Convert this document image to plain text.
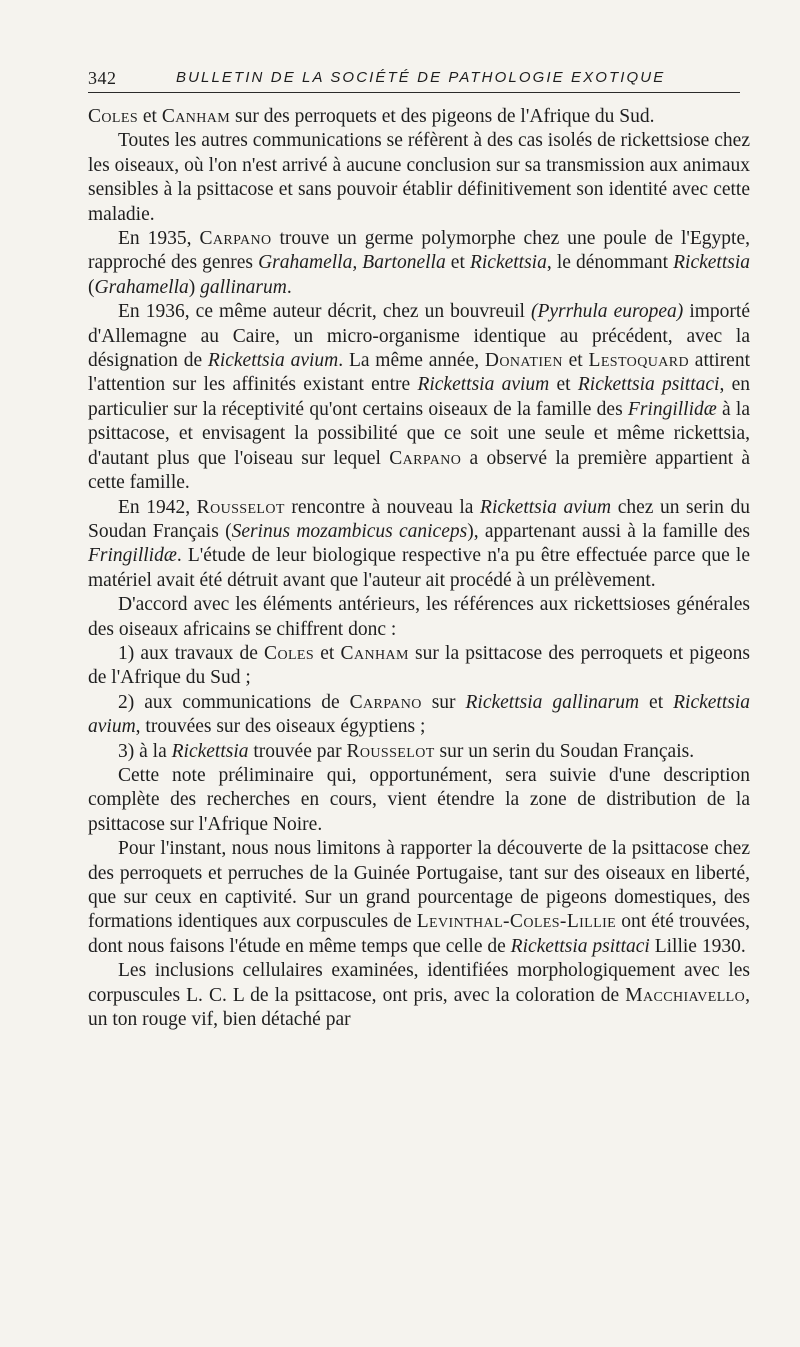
342	BULLETIN DE LA SOCIÉTÉ DE PATHOLOGIE EXOTIQUE

Coles et Canham sur des perroquets et des pigeons de l'Afrique du Sud.

Toutes les autres communications se réfèrent à des cas isolés de rickettsiose chez les oiseaux, où l'on n'est arrivé à aucune conclusion sur sa transmission aux animaux sensibles à la psittacose et sans pouvoir établir définitivement son identité avec cette maladie.

En 1935, Carpano trouve un germe polymorphe chez une poule de l'Egypte, rapproché des genres Grahamella, Bartonella et Rickettsia, le dénommant Rickettsia (Grahamella) gallinarum.

En 1936, ce même auteur décrit, chez un bouvreuil (Pyrrhula europea) importé d'Allemagne au Caire, un micro-organisme identique au précédent, avec la désignation de Rickettsia avium. La même année, Donatien et Lestoquard attirent l'attention sur les affinités existant entre Rickettsia avium et Rickettsia psittaci, en particulier sur la réceptivité qu'ont certains oiseaux de la famille des Fringillidæ à la psittacose, et envisagent la possibilité que ce soit une seule et même rickettsia, d'autant plus que l'oiseau sur lequel Carpano a observé la première appartient à cette famille.

En 1942, Rousselot rencontre à nouveau la Rickettsia avium chez un serin du Soudan Français (Serinus mozambicus caniceps), appartenant aussi à la famille des Fringillidæ. L'étude de leur biologique respective n'a pu être effectuée parce que le matériel avait été détruit avant que l'auteur ait procédé à un prélèvement.

D'accord avec les éléments antérieurs, les références aux rickettsioses générales des oiseaux africains se chiffrent donc :

1) aux travaux de Coles et Canham sur la psittacose des perroquets et pigeons de l'Afrique du Sud ;

2) aux communications de Carpano sur Rickettsia gallinarum et Rickettsia avium, trouvées sur des oiseaux égyptiens ;

3) à la Rickettsia trouvée par Rousselot sur un serin du Soudan Français.

Cette note préliminaire qui, opportunément, sera suivie d'une description complète des recherches en cours, vient étendre la zone de distribution de la psittacose sur l'Afrique Noire.

Pour l'instant, nous nous limitons à rapporter la découverte de la psittacose chez des perroquets et perruches de la Guinée Portugaise, tant sur des oiseaux en liberté, que sur ceux en captivité. Sur un grand pourcentage de pigeons domestiques, des formations identiques aux corpuscules de Levinthal-Coles-Lillie ont été trouvées, dont nous faisons l'étude en même temps que celle de Rickettsia psittaci Lillie 1930.

Les inclusions cellulaires examinées, identifiées morphologiquement avec les corpuscules L. C. L de la psittacose, ont pris, avec la coloration de Macchiavello, un ton rouge vif, bien détaché par
